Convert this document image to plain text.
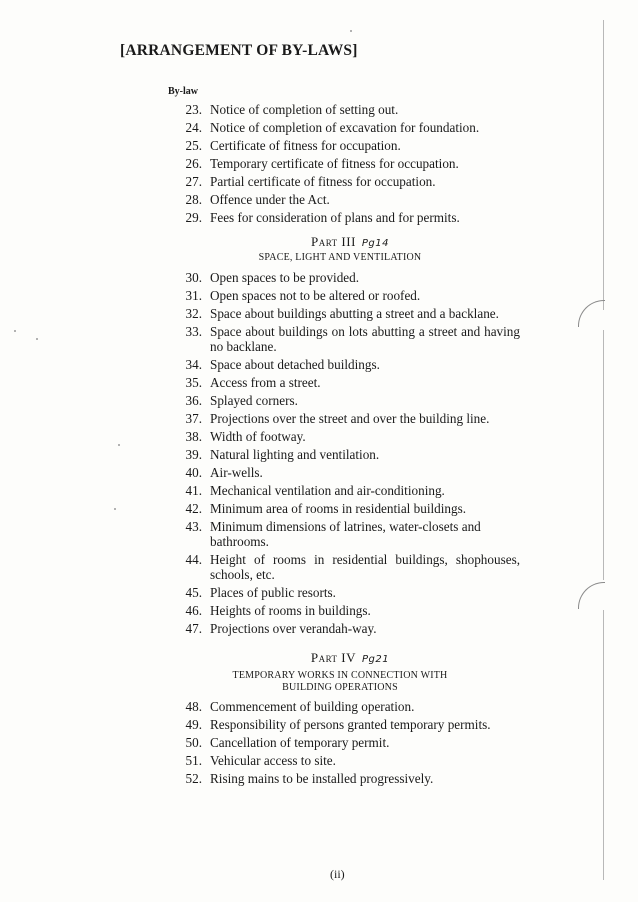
[ARRANGEMENT OF BY-LAWS]
By-law
23. Notice of completion of setting out.
24. Notice of completion of excavation for foundation.
25. Certificate of fitness for occupation.
26. Temporary certificate of fitness for occupation.
27. Partial certificate of fitness for occupation.
28. Offence under the Act.
29. Fees for consideration of plans and for permits.
Part III Pg14
SPACE, LIGHT AND VENTILATION
30. Open spaces to be provided.
31. Open spaces not to be altered or roofed.
32. Space about buildings abutting a street and a backlane.
33. Space about buildings on lots abutting a street and having no backlane.
34. Space about detached buildings.
35. Access from a street.
36. Splayed corners.
37. Projections over the street and over the building line.
38. Width of footway.
39. Natural lighting and ventilation.
40. Air-wells.
41. Mechanical ventilation and air-conditioning.
42. Minimum area of rooms in residential buildings.
43. Minimum dimensions of latrines, water-closets and bathrooms.
44. Height of rooms in residential buildings, shophouses, schools, etc.
45. Places of public resorts.
46. Heights of rooms in buildings.
47. Projections over verandah-way.
Part IV Pg21
TEMPORARY WORKS IN CONNECTION WITH
BUILDING OPERATIONS
48. Commencement of building operation.
49. Responsibility of persons granted temporary permits.
50. Cancellation of temporary permit.
51. Vehicular access to site.
52. Rising mains to be installed progressively.
(ii)
